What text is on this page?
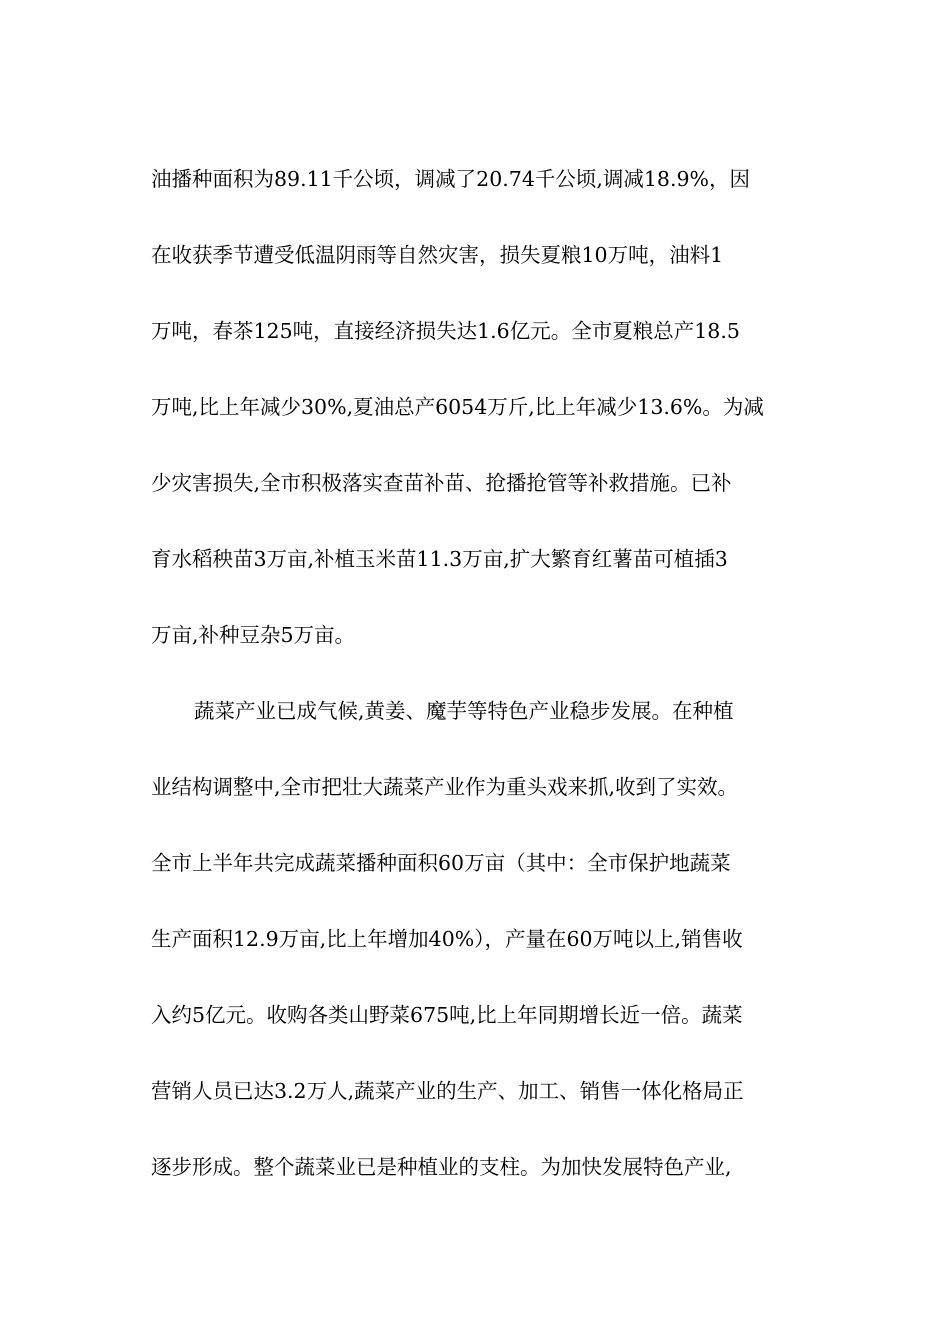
油播种面积为89.11千公顷，调减了20.74千公顷,调减18.9%，因
在收获季节遭受低温阴雨等自然灾害，损失夏粮10万吨，油料1
万吨，春茶125吨，直接经济损失达1.6亿元。全市夏粮总产18.5
万吨,比上年减少30%,夏油总产6054万斤,比上年减少13.6%。为减
少灾害损失,全市积极落实查苗补苗、抢播抢管等补救措施。已补
育水稻秧苗3万亩,补植玉米苗11.3万亩,扩大繁育红薯苗可植插3
万亩,补种豆杂5万亩。
蔬菜产业已成气候,黄姜、魔芋等特色产业稳步发展。在种植
业结构调整中,全市把壮大蔬菜产业作为重头戏来抓,收到了实效。
全市上半年共完成蔬菜播种面积60万亩（其中：全市保护地蔬菜
生产面积12.9万亩,比上年增加40%），产量在60万吨以上,销售收
入约5亿元。收购各类山野菜675吨,比上年同期增长近一倍。蔬菜
营销人员已达3.2万人,蔬菜产业的生产、加工、销售一体化格局正
逐步形成。整个蔬菜业已是种植业的支柱。为加快发展特色产业,
